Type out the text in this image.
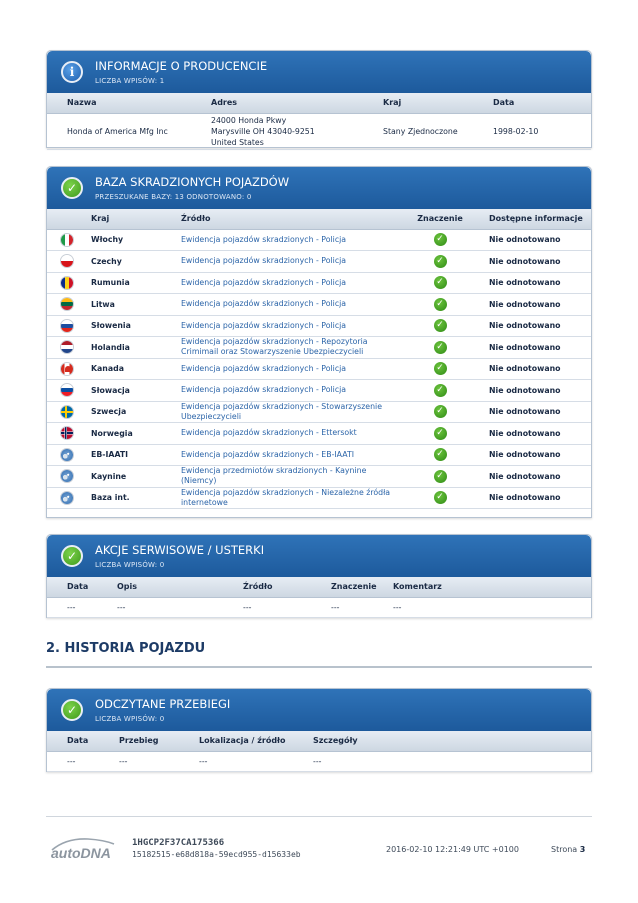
i	INFORMACJE O PRODUCENCIE
LICZBA WPISÓW: 1
Nazwa	Adres	Kraj	Data
Honda of America Mfg Inc	24000 Honda Pkwy
Marysville OH 43040-9251
United States	Stany Zjednoczone	1998-02-10
✓	BAZA SKRADZIONYCH POJAZDÓW
PRZESZUKANE BAZY: 13 ODNOTOWANO: 0
	Kraj	Źródło	Znaczenie	Dostępne informacje

	Włochy	Ewidencja pojazdów skradzionych - Policja	✓	Nie odnotowano

	Czechy	Ewidencja pojazdów skradzionych - Policja	✓	Nie odnotowano

	Rumunia	Ewidencja pojazdów skradzionych - Policja	✓	Nie odnotowano

	Litwa	Ewidencja pojazdów skradzionych - Policja	✓	Nie odnotowano

	Słowenia	Ewidencja pojazdów skradzionych - Policja	✓	Nie odnotowano

	Holandia	Ewidencja pojazdów skradzionych - Repozytoria Crimimail oraz Stowarzyszenie Ubezpieczycieli	✓	Nie odnotowano

	Kanada	Ewidencja pojazdów skradzionych - Policja	✓	Nie odnotowano

	Słowacja	Ewidencja pojazdów skradzionych - Policja	✓	Nie odnotowano

	Szwecja	Ewidencja pojazdów skradzionych - Stowarzyszenie Ubezpieczycieli	✓	Nie odnotowano

	Norwegia	Ewidencja pojazdów skradzionych - Ettersokt	✓	Nie odnotowano

	EB-IAATI	Ewidencja pojazdów skradzionych - EB-IAATI	✓	Nie odnotowano

	Kaynine	Ewidencja przedmiotów skradzionych - Kaynine (Niemcy)	✓	Nie odnotowano

	Baza int.	Ewidencja pojazdów skradzionych - Niezależne źródła internetowe	✓	Nie odnotowano
✓	AKCJE SERWISOWE / USTERKI
LICZBA WPISÓW: 0
Data	Opis	Źródło	Znaczenie	Komentarz
---	---	---	---	---
2. HISTORIA POJAZDU
✓	ODCZYTANE PRZEBIEGI
LICZBA WPISÓW: 0
Data	Przebieg	Lokalizacja / źródło	Szczegóły
---	---	---	---
autoDNA
1HGCP2F37CA175366
15182515-e68d818a-59ecd955-d15633eb
2016-02-10 12:21:49 UTC +0100	Strona 3
